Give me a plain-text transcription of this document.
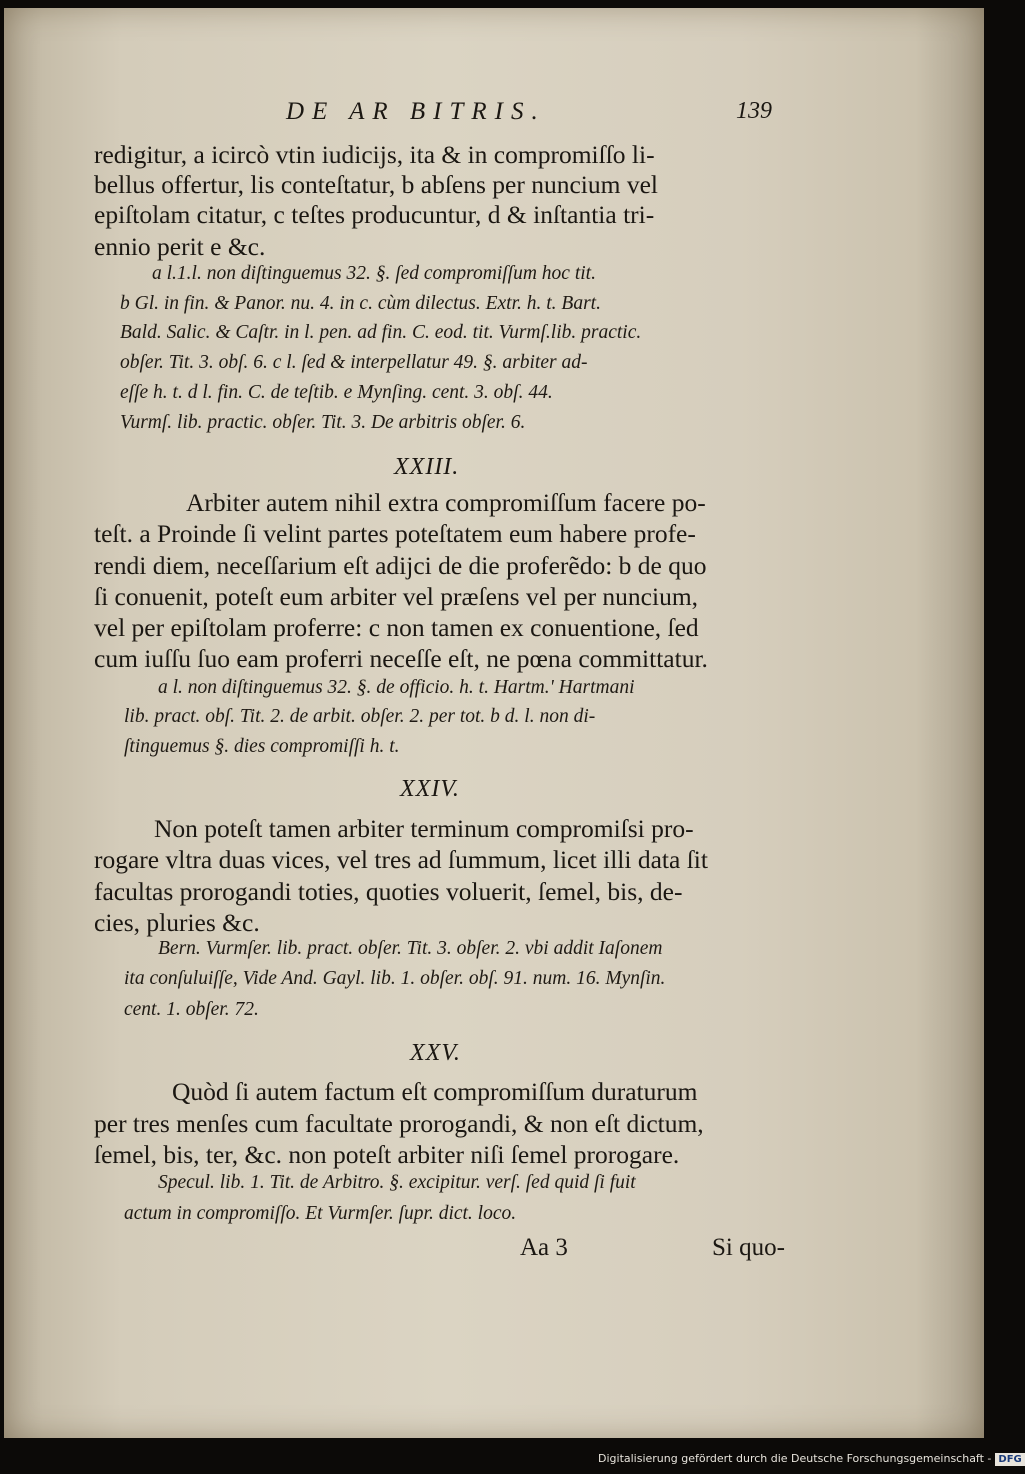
DE AR BITRIS.	139
redigitur, a icircò vtin iudicijs, ita & in compromiſſo li-
bellus offertur, lis conteſtatur, b abſens per nuncium vel
epiſtolam citatur, c teſtes producuntur, d & inſtantia tri-
ennio perit e &c.
a l.1.l. non diſtinguemus 32. §. ſed compromiſſum hoc tit.
b Gl. in fin. & Panor. nu. 4. in c. cùm dilectus. Extr. h. t. Bart.
Bald. Salic. & Caſtr. in l. pen. ad fin. C. eod. tit. Vurmſ.lib. practic.
obſer. Tit. 3. obſ. 6. c l. ſed & interpellatur 49. §. arbiter ad-
eſſe h. t. d l. fin. C. de teſtib. e Mynſing. cent. 3. obſ. 44.
Vurmſ. lib. practic. obſer. Tit. 3. De arbitris obſer. 6.
XXIII.
Arbiter autem nihil extra compromiſſum facere po-
teſt. a Proinde ſi velint partes poteſtatem eum habere profe-
rendi diem, neceſſarium eſt adijci de die proferẽdo: b de quo
ſi conuenit, poteſt eum arbiter vel præſens vel per nuncium,
vel per epiſtolam proferre: c non tamen ex conuentione, ſed
cum iuſſu ſuo eam proferri neceſſe eſt, ne pœna committatur.
a l. non diſtinguemus 32. §. de officio. h. t. Hartm.' Hartmani
lib. pract. obſ. Tit. 2. de arbit. obſer. 2. per tot. b d. l. non di-
ſtinguemus §. dies compromiſſi h. t.
XXIV.
Non poteſt tamen arbiter terminum compromiſsi pro-
rogare vltra duas vices, vel tres ad ſummum, licet illi data ſit
facultas prorogandi toties, quoties voluerit, ſemel, bis, de-
cies, pluries &c.
Bern. Vurmſer. lib. pract. obſer. Tit. 3. obſer. 2. vbi addit Iaſonem
ita conſuluiſſe, Vide And. Gayl. lib. 1. obſer. obſ. 91. num. 16. Mynſin.
cent. 1. obſer. 72.
XXV.
Quòd ſi autem factum eſt compromiſſum duraturum
per tres menſes cum facultate prorogandi, & non eſt dictum,
ſemel, bis, ter, &c. non poteſt arbiter niſi ſemel prorogare.
Specul. lib. 1. Tit. de Arbitro. §. excipitur. verſ. ſed quid ſi fuit
actum in compromiſſo. Et Vurmſer. ſupr. dict. loco.
Aa 3	Si quo-
Digitalisierung gefördert durch die Deutsche Forschungsgemeinschaft - DFG
